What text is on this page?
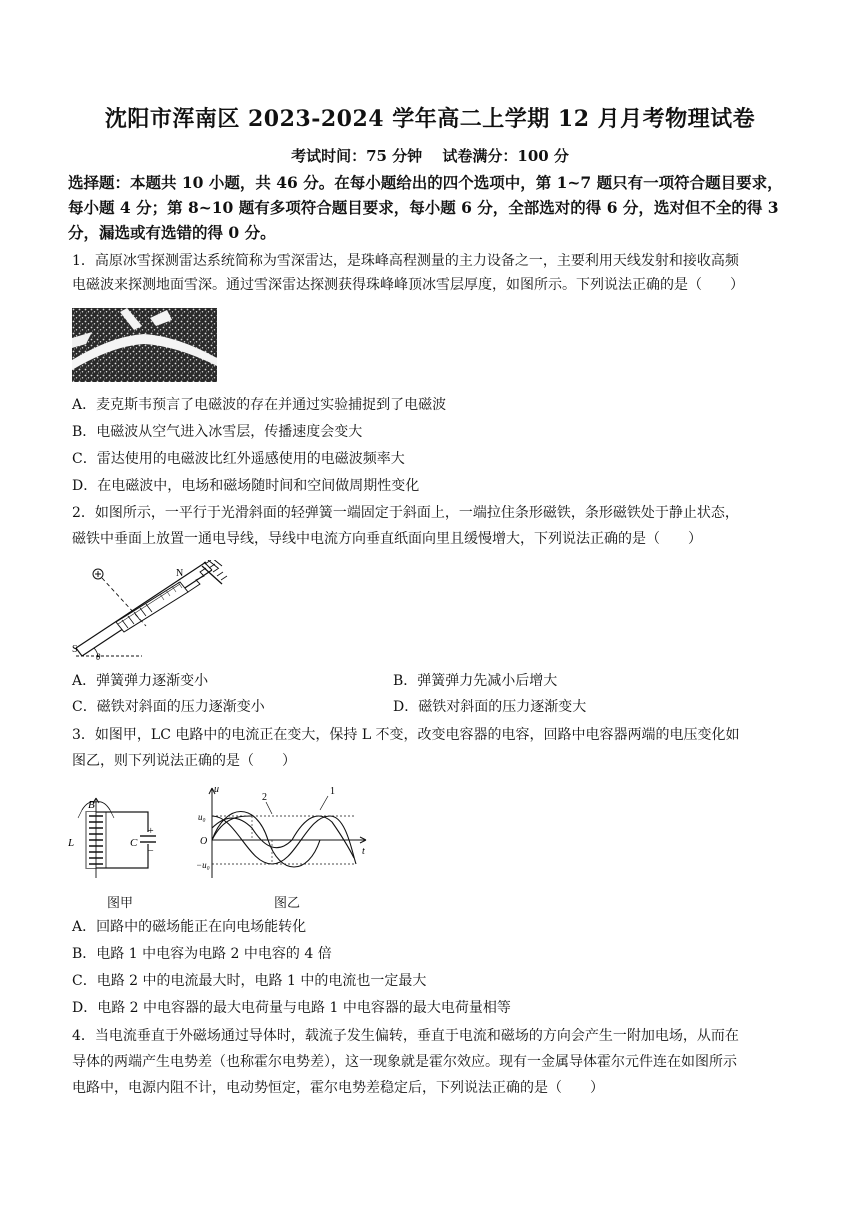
沈阳市浑南区 2023-2024 学年高二上学期 12 月月考物理试卷
考试时间：75 分钟　 试卷满分：100 分
选择题：本题共 10 小题，共 46 分。在每小题给出的四个选项中，第 1~7 题只有一项符合题目要求，每小题 4 分；第 8~10 题有多项符合题目要求，每小题 6 分，全部选对的得 6 分，选对但不全的得 3 分，漏选或有选错的得 0 分。
1．高原冰雪探测雷达系统简称为雪深雷达，是珠峰高程测量的主力设备之一，主要利用天线发射和接收高频
电磁波来探测地面雪深。通过雪深雷达探测获得珠峰峰顶冰雪层厚度，如图所示。下列说法正确的是（　　）
A．麦克斯韦预言了电磁波的存在并通过实验捕捉到了电磁波
B．电磁波从空气进入冰雪层，传播速度会变大
C．雷达使用的电磁波比红外遥感使用的电磁波频率大
D．在电磁波中，电场和磁场随时间和空间做周期性变化
2．如图所示，一平行于光滑斜面的轻弹簧一端固定于斜面上，一端拉住条形磁铁，条形磁铁处于静止状态，
磁铁中垂面上放置一通电导线，导线中电流方向垂直纸面向里且缓慢增大，下列说法正确的是（　　）
N
S
θ
A．弹簧弹力逐渐变小	B．弹簧弹力先减小后增大
C．磁铁对斜面的压力逐渐变小	D．磁铁对斜面的压力逐渐变大
3．如图甲，LC 电路中的电流正在变大，保持 L 不变，改变电容器的电容，回路中电容器两端的电压变化如
图乙，则下列说法正确的是（　　）
B
L	C
+
−
图甲
u
u₀
O
−u₀
t
2
1
图乙
A．回路中的磁场能正在向电场能转化
B．电路 1 中电容为电路 2 中电容的 4 倍
C．电路 2 中的电流最大时，电路 1 中的电流也一定最大
D．电路 2 中电容器的最大电荷量与电路 1 中电容器的最大电荷量相等
4．当电流垂直于外磁场通过导体时，载流子发生偏转，垂直于电流和磁场的方向会产生一附加电场，从而在
导体的两端产生电势差（也称霍尔电势差），这一现象就是霍尔效应。现有一金属导体霍尔元件连在如图所示
电路中，电源内阻不计，电动势恒定，霍尔电势差稳定后，下列说法正确的是（　　）
